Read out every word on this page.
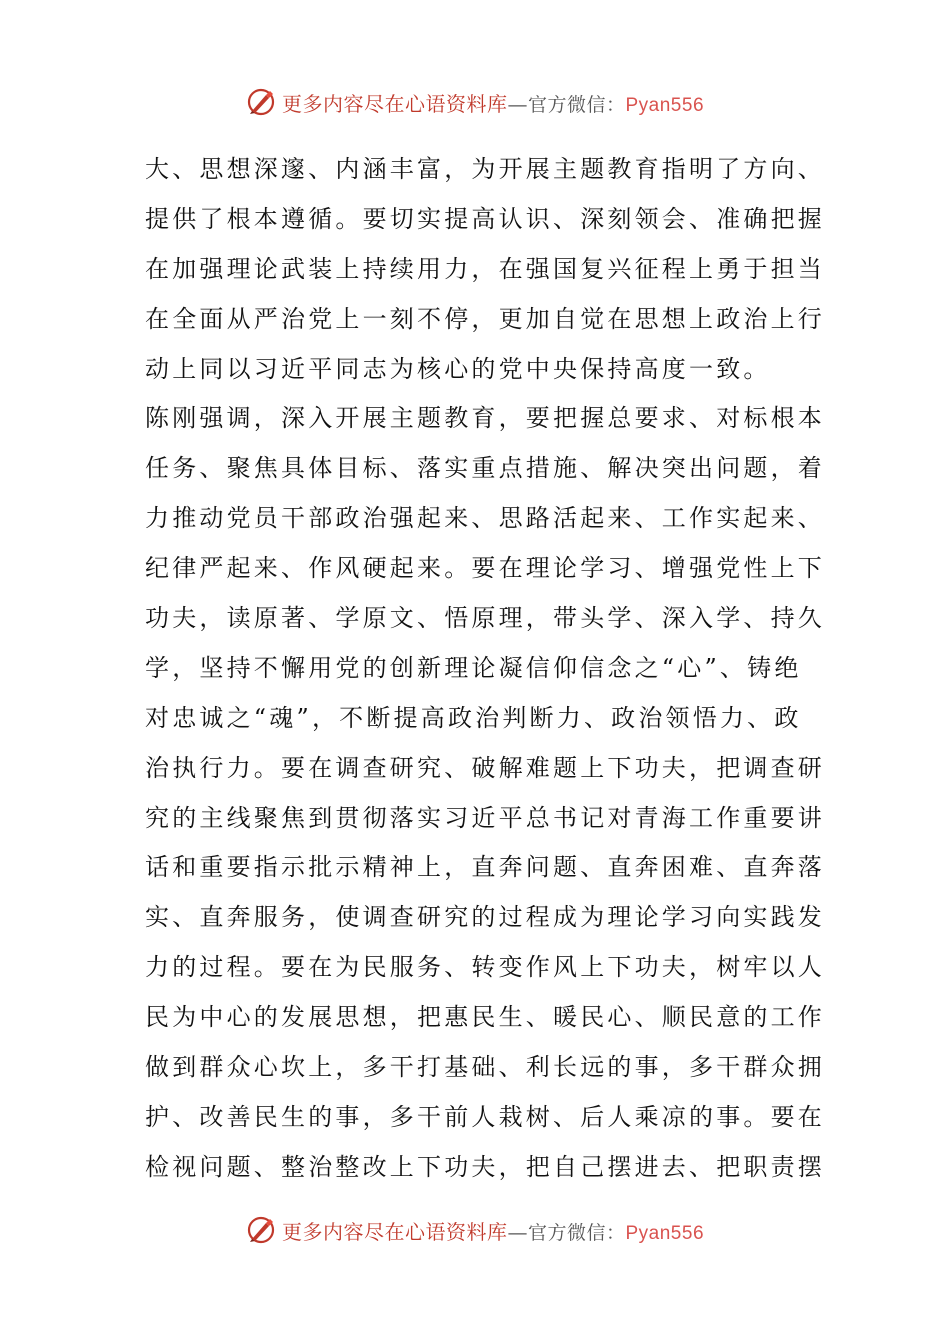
更多内容尽在心语资料库—官方微信：Pyan556
大、思想深邃、内涵丰富，为开展主题教育指明了方向、
提供了根本遵循。要切实提高认识、深刻领会、准确把握
在加强理论武装上持续用力，在强国复兴征程上勇于担当
在全面从严治党上一刻不停，更加自觉在思想上政治上行
动上同以习近平同志为核心的党中央保持高度一致。
陈刚强调，深入开展主题教育，要把握总要求、对标根本
任务、聚焦具体目标、落实重点措施、解决突出问题，着
力推动党员干部政治强起来、思路活起来、工作实起来、
纪律严起来、作风硬起来。要在理论学习、增强党性上下
功夫，读原著、学原文、悟原理，带头学、深入学、持久
学，坚持不懈用党的创新理论凝信仰信念之“心”、铸绝
对忠诚之“魂”，不断提高政治判断力、政治领悟力、政
治执行力。要在调查研究、破解难题上下功夫，把调查研
究的主线聚焦到贯彻落实习近平总书记对青海工作重要讲
话和重要指示批示精神上，直奔问题、直奔困难、直奔落
实、直奔服务，使调查研究的过程成为理论学习向实践发
力的过程。要在为民服务、转变作风上下功夫，树牢以人
民为中心的发展思想，把惠民生、暖民心、顺民意的工作
做到群众心坎上，多干打基础、利长远的事，多干群众拥
护、改善民生的事，多干前人栽树、后人乘凉的事。要在
检视问题、整治整改上下功夫，把自己摆进去、把职责摆
更多内容尽在心语资料库—官方微信：Pyan556
